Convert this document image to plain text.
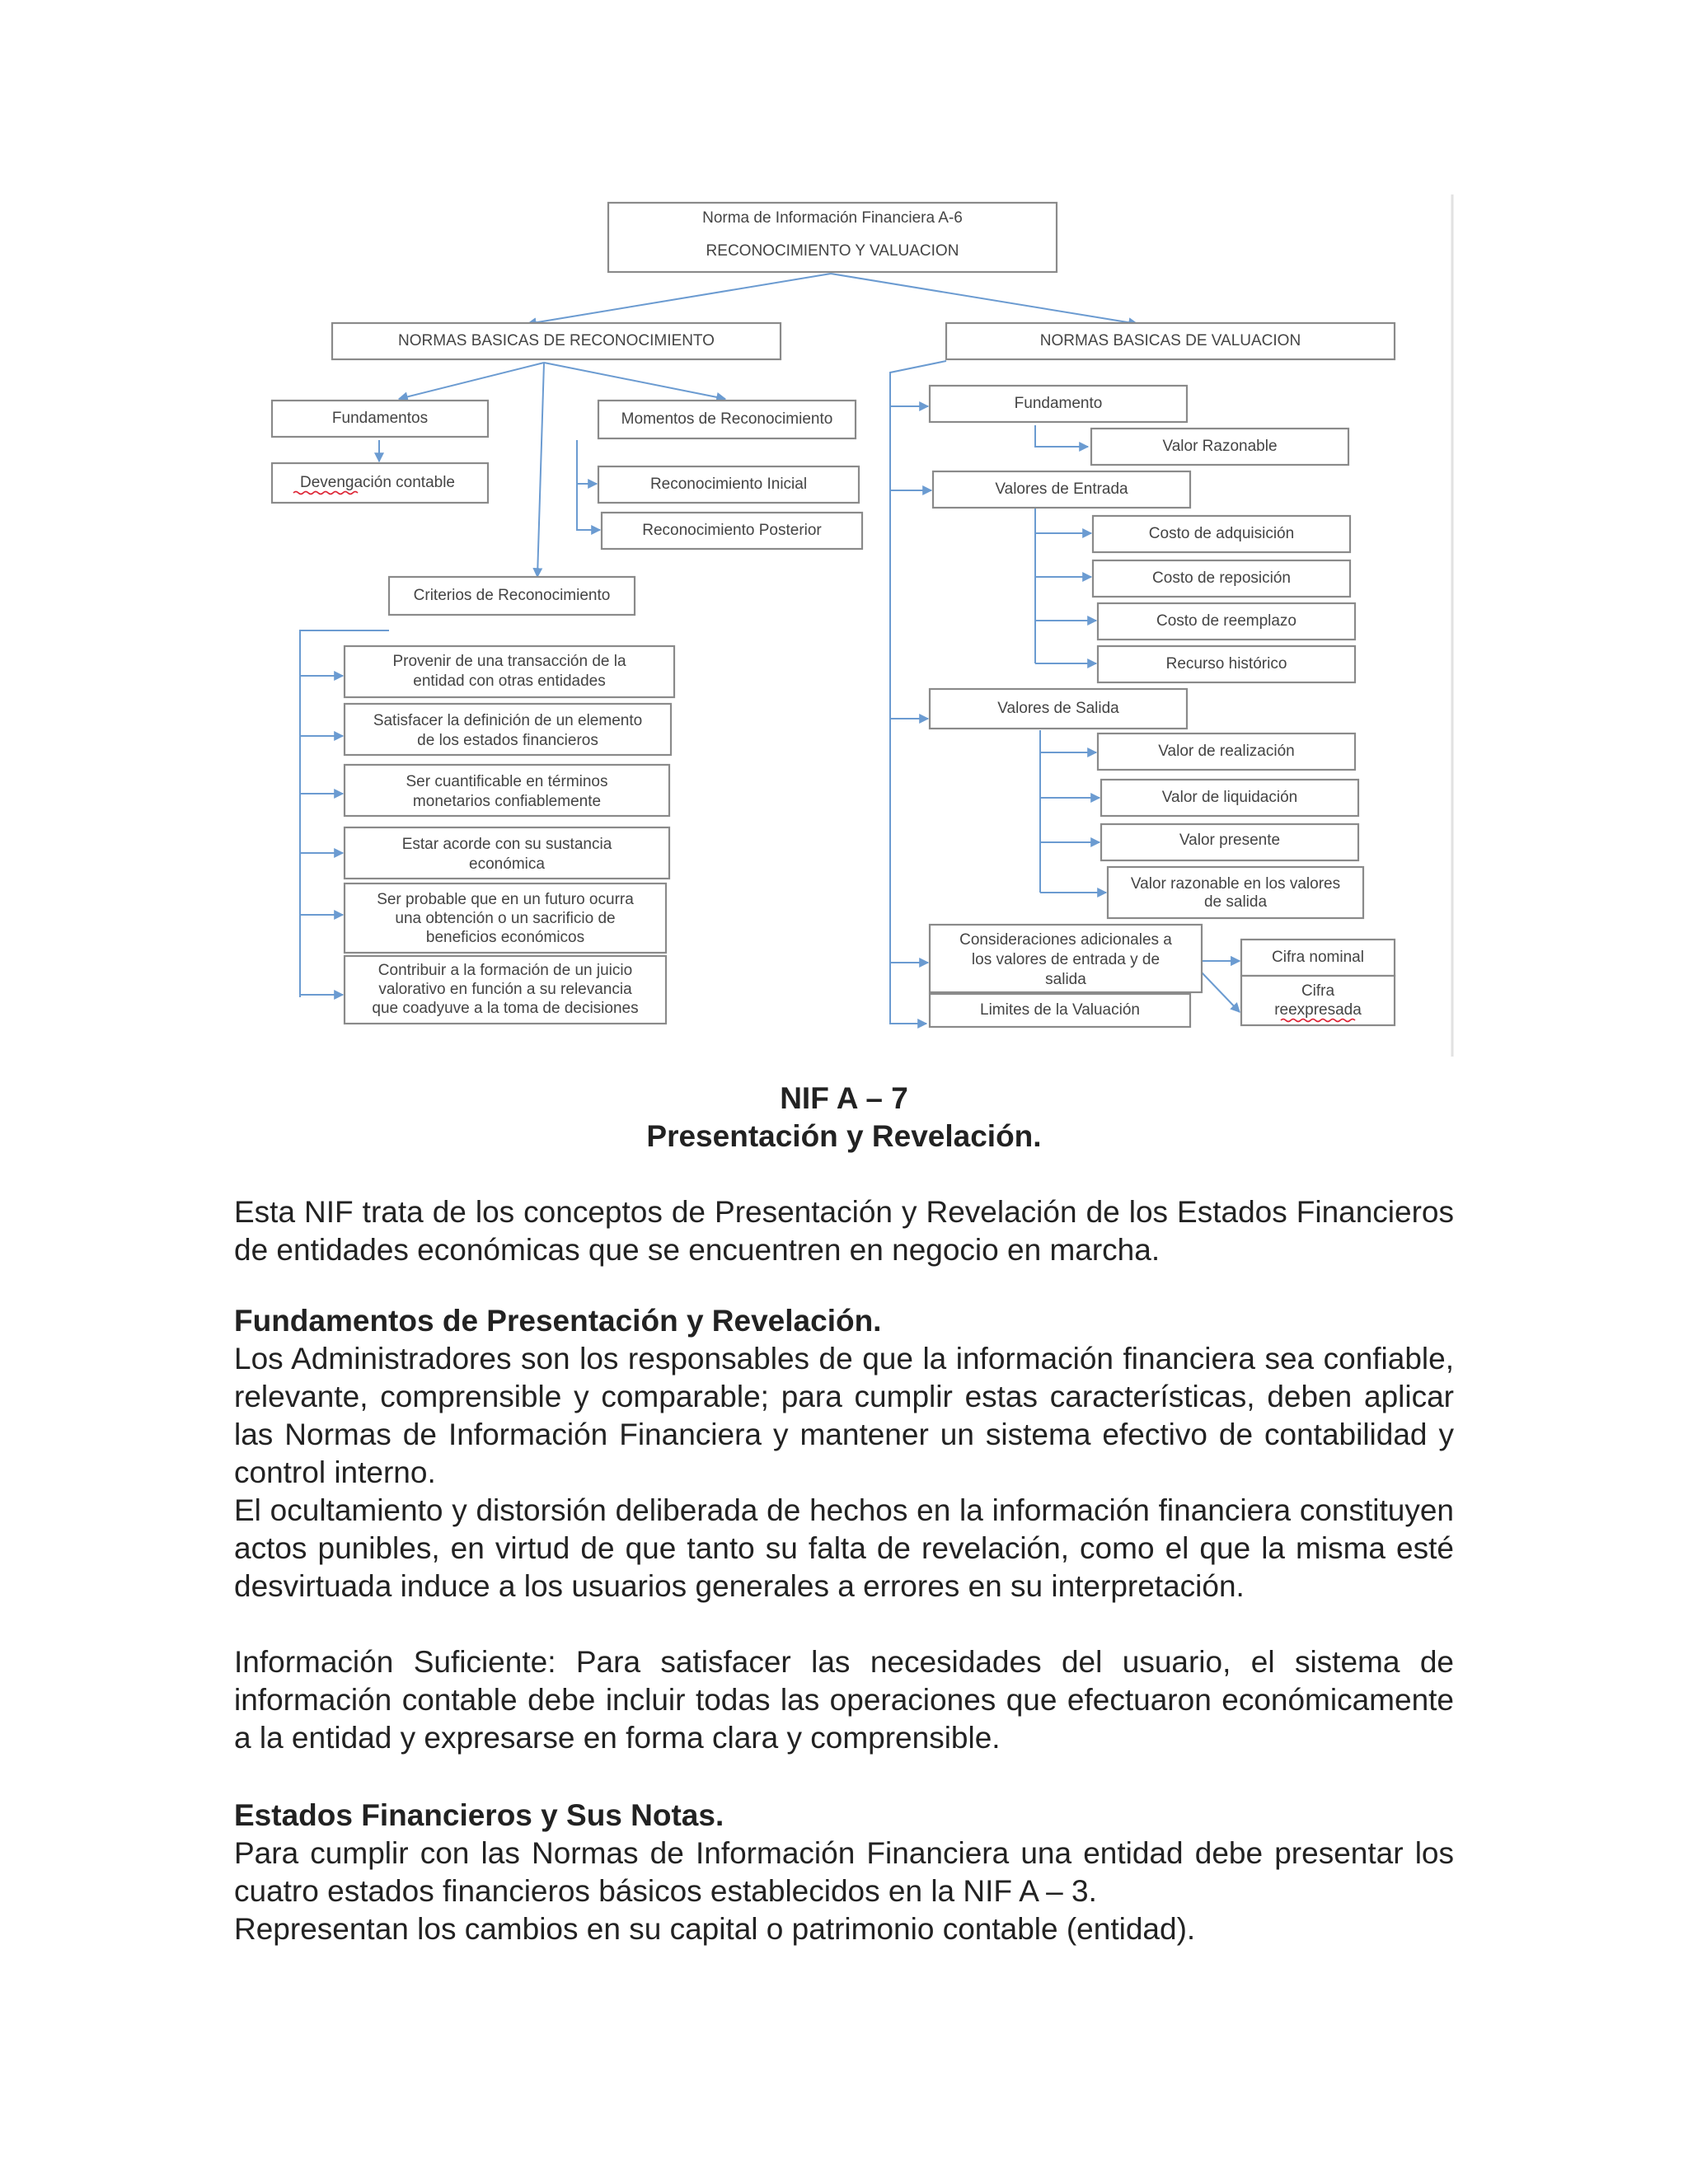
Norma de Información Financiera A-6
RECONOCIMIENTO Y VALUACION
NORMAS BASICAS DE RECONOCIMIENTO	NORMAS BASICAS DE VALUACION
Fundamentos
Devengación contable
Momentos de Reconocimiento
Reconocimiento Inicial
Reconocimiento Posterior
Criterios de Reconocimiento
Provenir de una transacción de la
entidad con otras entidades
Satisfacer la definición de un elemento
de los estados financieros
Ser cuantificable en términos
monetarios confiablemente
Estar acorde con su sustancia
económica
Ser probable que en un futuro ocurra
una obtención o un sacrificio de
beneficios económicos
Contribuir a la formación de un juicio
valorativo en función a su relevancia
que coadyuve a la toma de decisiones
Fundamento
Valor Razonable
Valores de Entrada
Costo de adquisición
Costo de reposición
Costo de reemplazo
Recurso histórico
Valores de Salida
Valor de realización
Valor de liquidación
Valor presente
Valor razonable en los valores
de salida
Consideraciones adicionales a
los valores de entrada y de
salida
Limites de la Valuación
Cifra nominal
Cifra
reexpresada
NIF A – 7
Presentación y Revelación.
Esta NIF trata de los conceptos de Presentación y Revelación de los Estados Financieros de entidades económicas que se encuentren en negocio en marcha.
Fundamentos de Presentación y Revelación.
Los Administradores son los responsables de que la información financiera sea confiable, relevante, comprensible y comparable; para cumplir estas características, deben aplicar las Normas de Información Financiera y mantener un sistema efectivo de contabilidad y control interno.
El ocultamiento y distorsión deliberada de hechos en la información financiera constituyen actos punibles, en virtud de que tanto su falta de revelación, como el que la misma esté desvirtuada induce a los usuarios generales a errores en su interpretación.
Información Suficiente: Para satisfacer las necesidades del usuario, el sistema de información contable debe incluir todas las operaciones que efectuaron económicamente a la entidad y expresarse en forma clara y comprensible.
Estados Financieros y Sus Notas.
Para cumplir con las Normas de Información Financiera una entidad debe presentar los cuatro estados financieros básicos establecidos en la NIF A – 3.
Representan los cambios en su capital o patrimonio contable (entidad).
